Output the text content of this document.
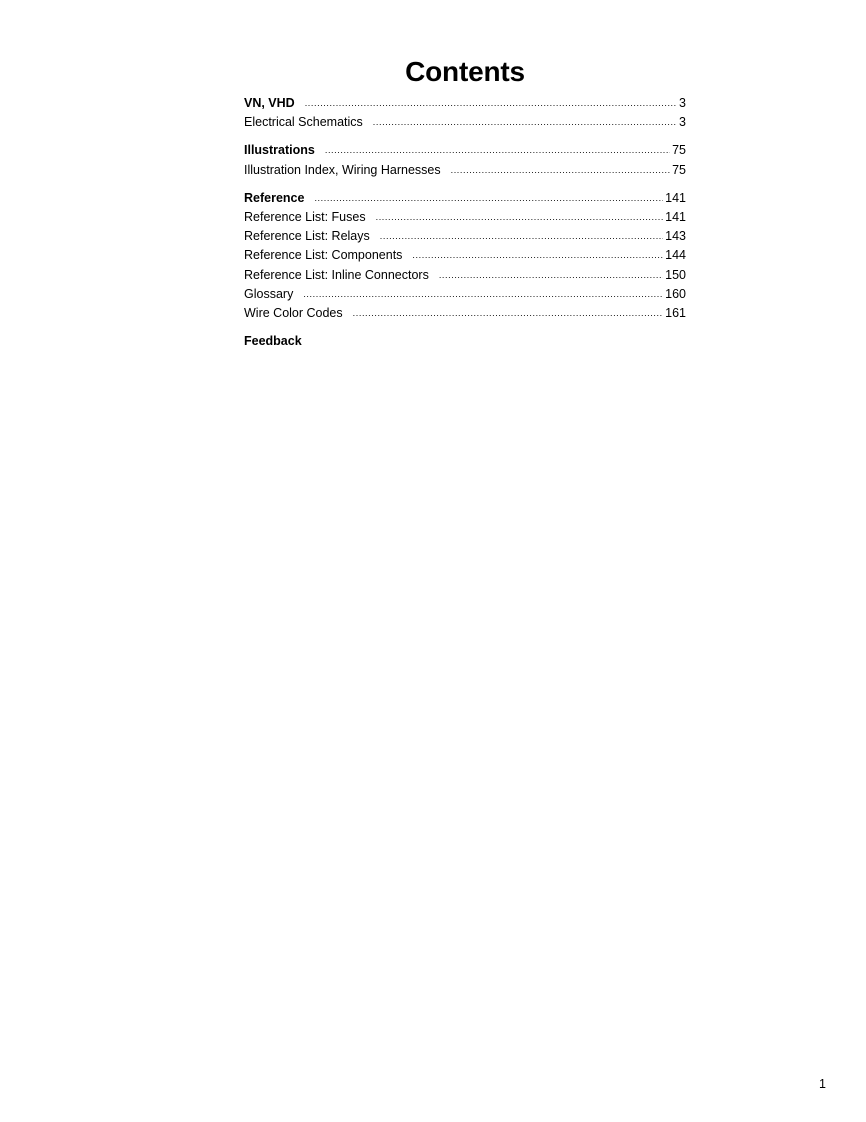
Contents
VN, VHD .....	3
Electrical Schematics .....	3
Illustrations .....	75
Illustration Index, Wiring Harnesses .....	75
Reference .....	141
Reference List: Fuses .....	141
Reference List: Relays .....	143
Reference List: Components .....	144
Reference List: Inline Connectors .....	150
Glossary .....	160
Wire Color Codes .....	161
Feedback
1
